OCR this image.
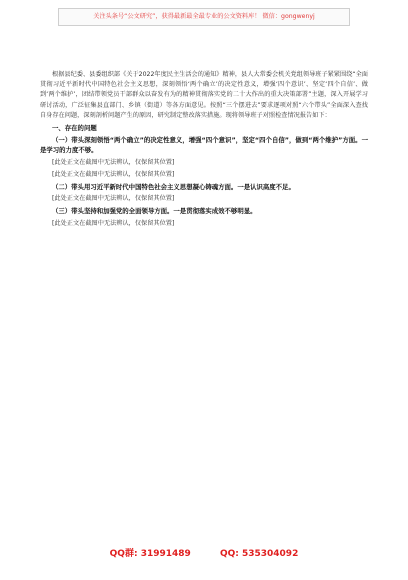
关注头条号“公文研究”，获得最新最全最专业的公文资料库！ 微信：gongwenyj

根据县纪委、县委组织部《关于2022年度民主生活会的通知》精神，县人大常委会机关党组领导班子紧紧围绕“全面贯彻习近平新时代中国特色社会主义思想，深刻领悟‘两个确立’的决定性意义，增强‘四个意识’、坚定‘四个自信’、做到‘两个维护’，团结带领党员干部群众以奋发有为的精神贯彻落实党的二十大作出的重大决策部署”主题，深入开展学习研讨活动，广泛征集县直部门、乡镇（街道）等各方面意见。按照“三个摆进去”要求逐项对照“六个带头”全面深入查找自身存在问题，深刻剖析问题产生的原因，研究制定整改落实措施。现将领导班子对照检查情况报告如下：

一、存在的问题

（一）带头深刻领悟“两个确立”的决定性意义，增强“四个意识”，坚定“四个自信”，做到“两个维护”方面。一是学习的力度不够。

[此处正文在截图中无法辨认，仅保留其位置]

[此处正文在截图中无法辨认，仅保留其位置]

（二）带头用习近平新时代中国特色社会主义思想凝心铸魂方面。一是认识高度不足。

[此处正文在截图中无法辨认，仅保留其位置]

（三）带头坚持和加强党的全面领导方面。一是贯彻落实成效不够明显。

[此处正文在截图中无法辨认，仅保留其位置]

QQ群: 31991489	QQ: 535304092
